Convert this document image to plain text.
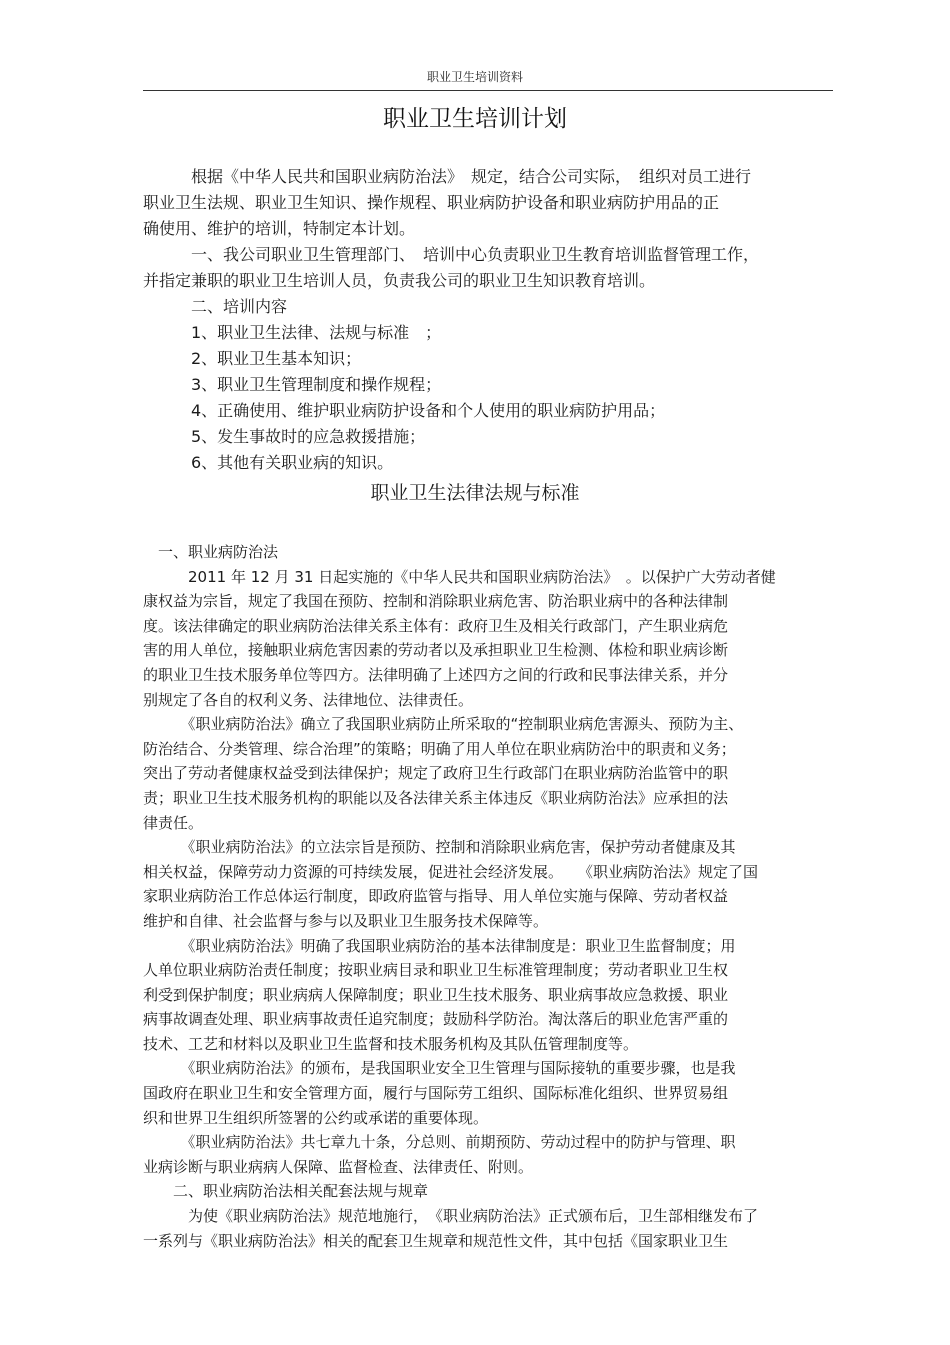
职业卫生培训资料
职业卫生培训计划
　　　根据《中华人民共和国职业病防治法》　规定，结合公司实际，　组织对员工进行
职业卫生法规、职业卫生知识、操作规程、职业病防护设备和职业病防护用品的正
确使用、维护的培训，特制定本计划。
　　　一、我公司职业卫生管理部门、　培训中心负责职业卫生教育培训监督管理工作，
并指定兼职的职业卫生培训人员，负责我公司的职业卫生知识教育培训。
　　　二、培训内容
　　　1、职业卫生法律、法规与标准　；
　　　2、职业卫生基本知识；
　　　3、职业卫生管理制度和操作规程；
　　　4、正确使用、维护职业病防护设备和个人使用的职业病防护用品；
　　　5、发生事故时的应急救援措施；
　　　6、其他有关职业病的知识。
职业卫生法律法规与标准
　一、职业病防治法
　　　2011 年 12 月 31 日起实施的《中华人民共和国职业病防治法》　。以保护广大劳动者健
康权益为宗旨，规定了我国在预防、控制和消除职业病危害、防治职业病中的各种法律制
度。该法律确定的职业病防治法律关系主体有：政府卫生及相关行政部门，产生职业病危
害的用人单位，接触职业病危害因素的劳动者以及承担职业卫生检测、体检和职业病诊断
的职业卫生技术服务单位等四方。法律明确了上述四方之间的行政和民事法律关系，并分
别规定了各自的权利义务、法律地位、法律责任。
　　　《职业病防治法》确立了我国职业病防止所采取的“控制职业病危害源头、预防为主、
防治结合、分类管理、综合治理”的策略；明确了用人单位在职业病防治中的职责和义务；
突出了劳动者健康权益受到法律保护；规定了政府卫生行政部门在职业病防治监管中的职
责；职业卫生技术服务机构的职能以及各法律关系主体违反《职业病防治法》应承担的法
律责任。
　　　《职业病防治法》的立法宗旨是预防、控制和消除职业病危害，保护劳动者健康及其
相关权益，保障劳动力资源的可持续发展，促进社会经济发展。　　《职业病防治法》规定了国
家职业病防治工作总体运行制度，即政府监管与指导、用人单位实施与保障、劳动者权益
维护和自律、社会监督与参与以及职业卫生服务技术保障等。
　　　《职业病防治法》明确了我国职业病防治的基本法律制度是：职业卫生监督制度；用
人单位职业病防治责任制度；按职业病目录和职业卫生标准管理制度；劳动者职业卫生权
利受到保护制度；职业病病人保障制度；职业卫生技术服务、职业病事故应急救援、职业
病事故调查处理、职业病事故责任追究制度；鼓励科学防治。淘汰落后的职业危害严重的
技术、工艺和材料以及职业卫生监督和技术服务机构及其队伍管理制度等。
　　　《职业病防治法》的颁布，是我国职业安全卫生管理与国际接轨的重要步骤，也是我
国政府在职业卫生和安全管理方面，履行与国际劳工组织、国际标准化组织、世界贸易组
织和世界卫生组织所签署的公约或承诺的重要体现。
　　　《职业病防治法》共七章九十条，分总则、前期预防、劳动过程中的防护与管理、职
业病诊断与职业病病人保障、监督检查、法律责任、附则。
　　二、职业病防治法相关配套法规与规章
　　　为使《职业病防治法》规范地施行，　《职业病防治法》正式颁布后，卫生部相继发布了
一系列与《职业病防治法》相关的配套卫生规章和规范性文件，其中包括《国家职业卫生
